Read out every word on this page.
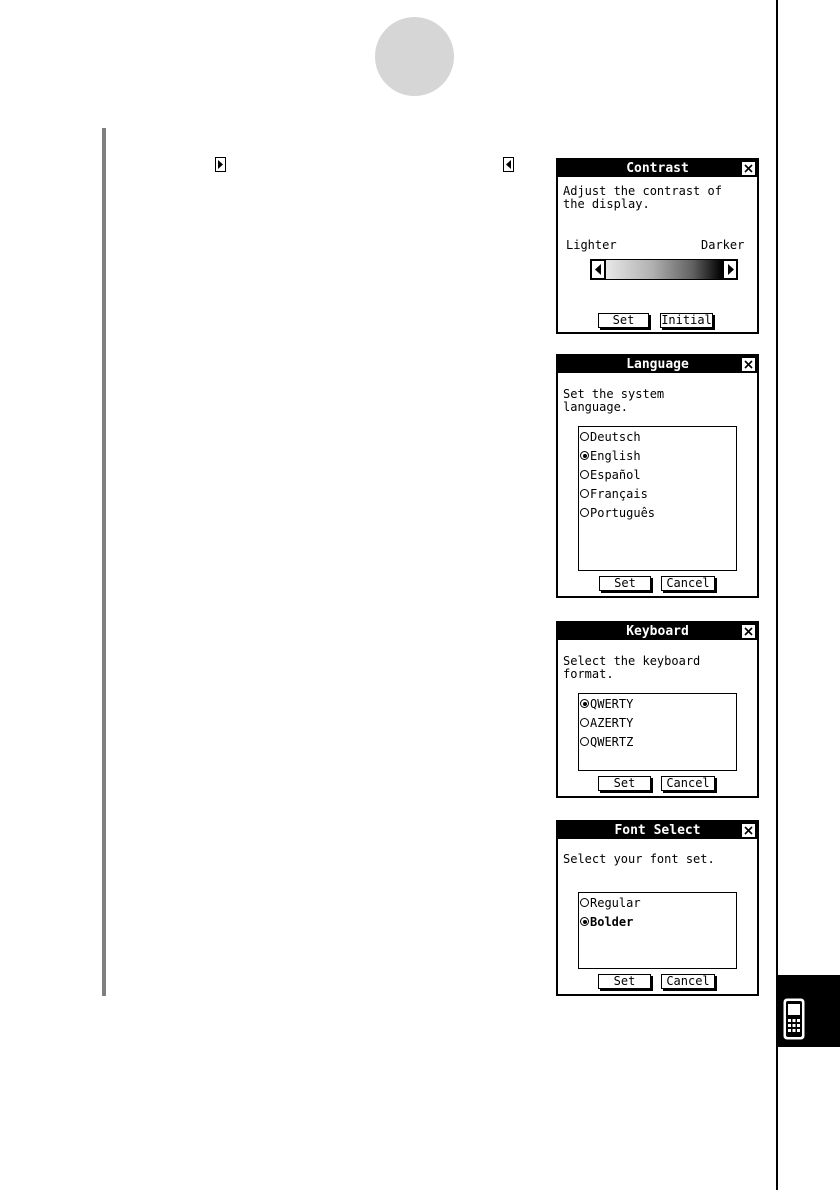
Contrast
Adjust the contrast of
the display.
Lighter	Darker
Set	Initial
Language
Set the system
language.
Deutsch
English
Español
Français
Português
Set	Cancel
Keyboard
Select the keyboard
format.
QWERTY
AZERTY
QWERTZ
Set	Cancel
Font Select
Select your font set.
Regular
Bolder
Set	Cancel
